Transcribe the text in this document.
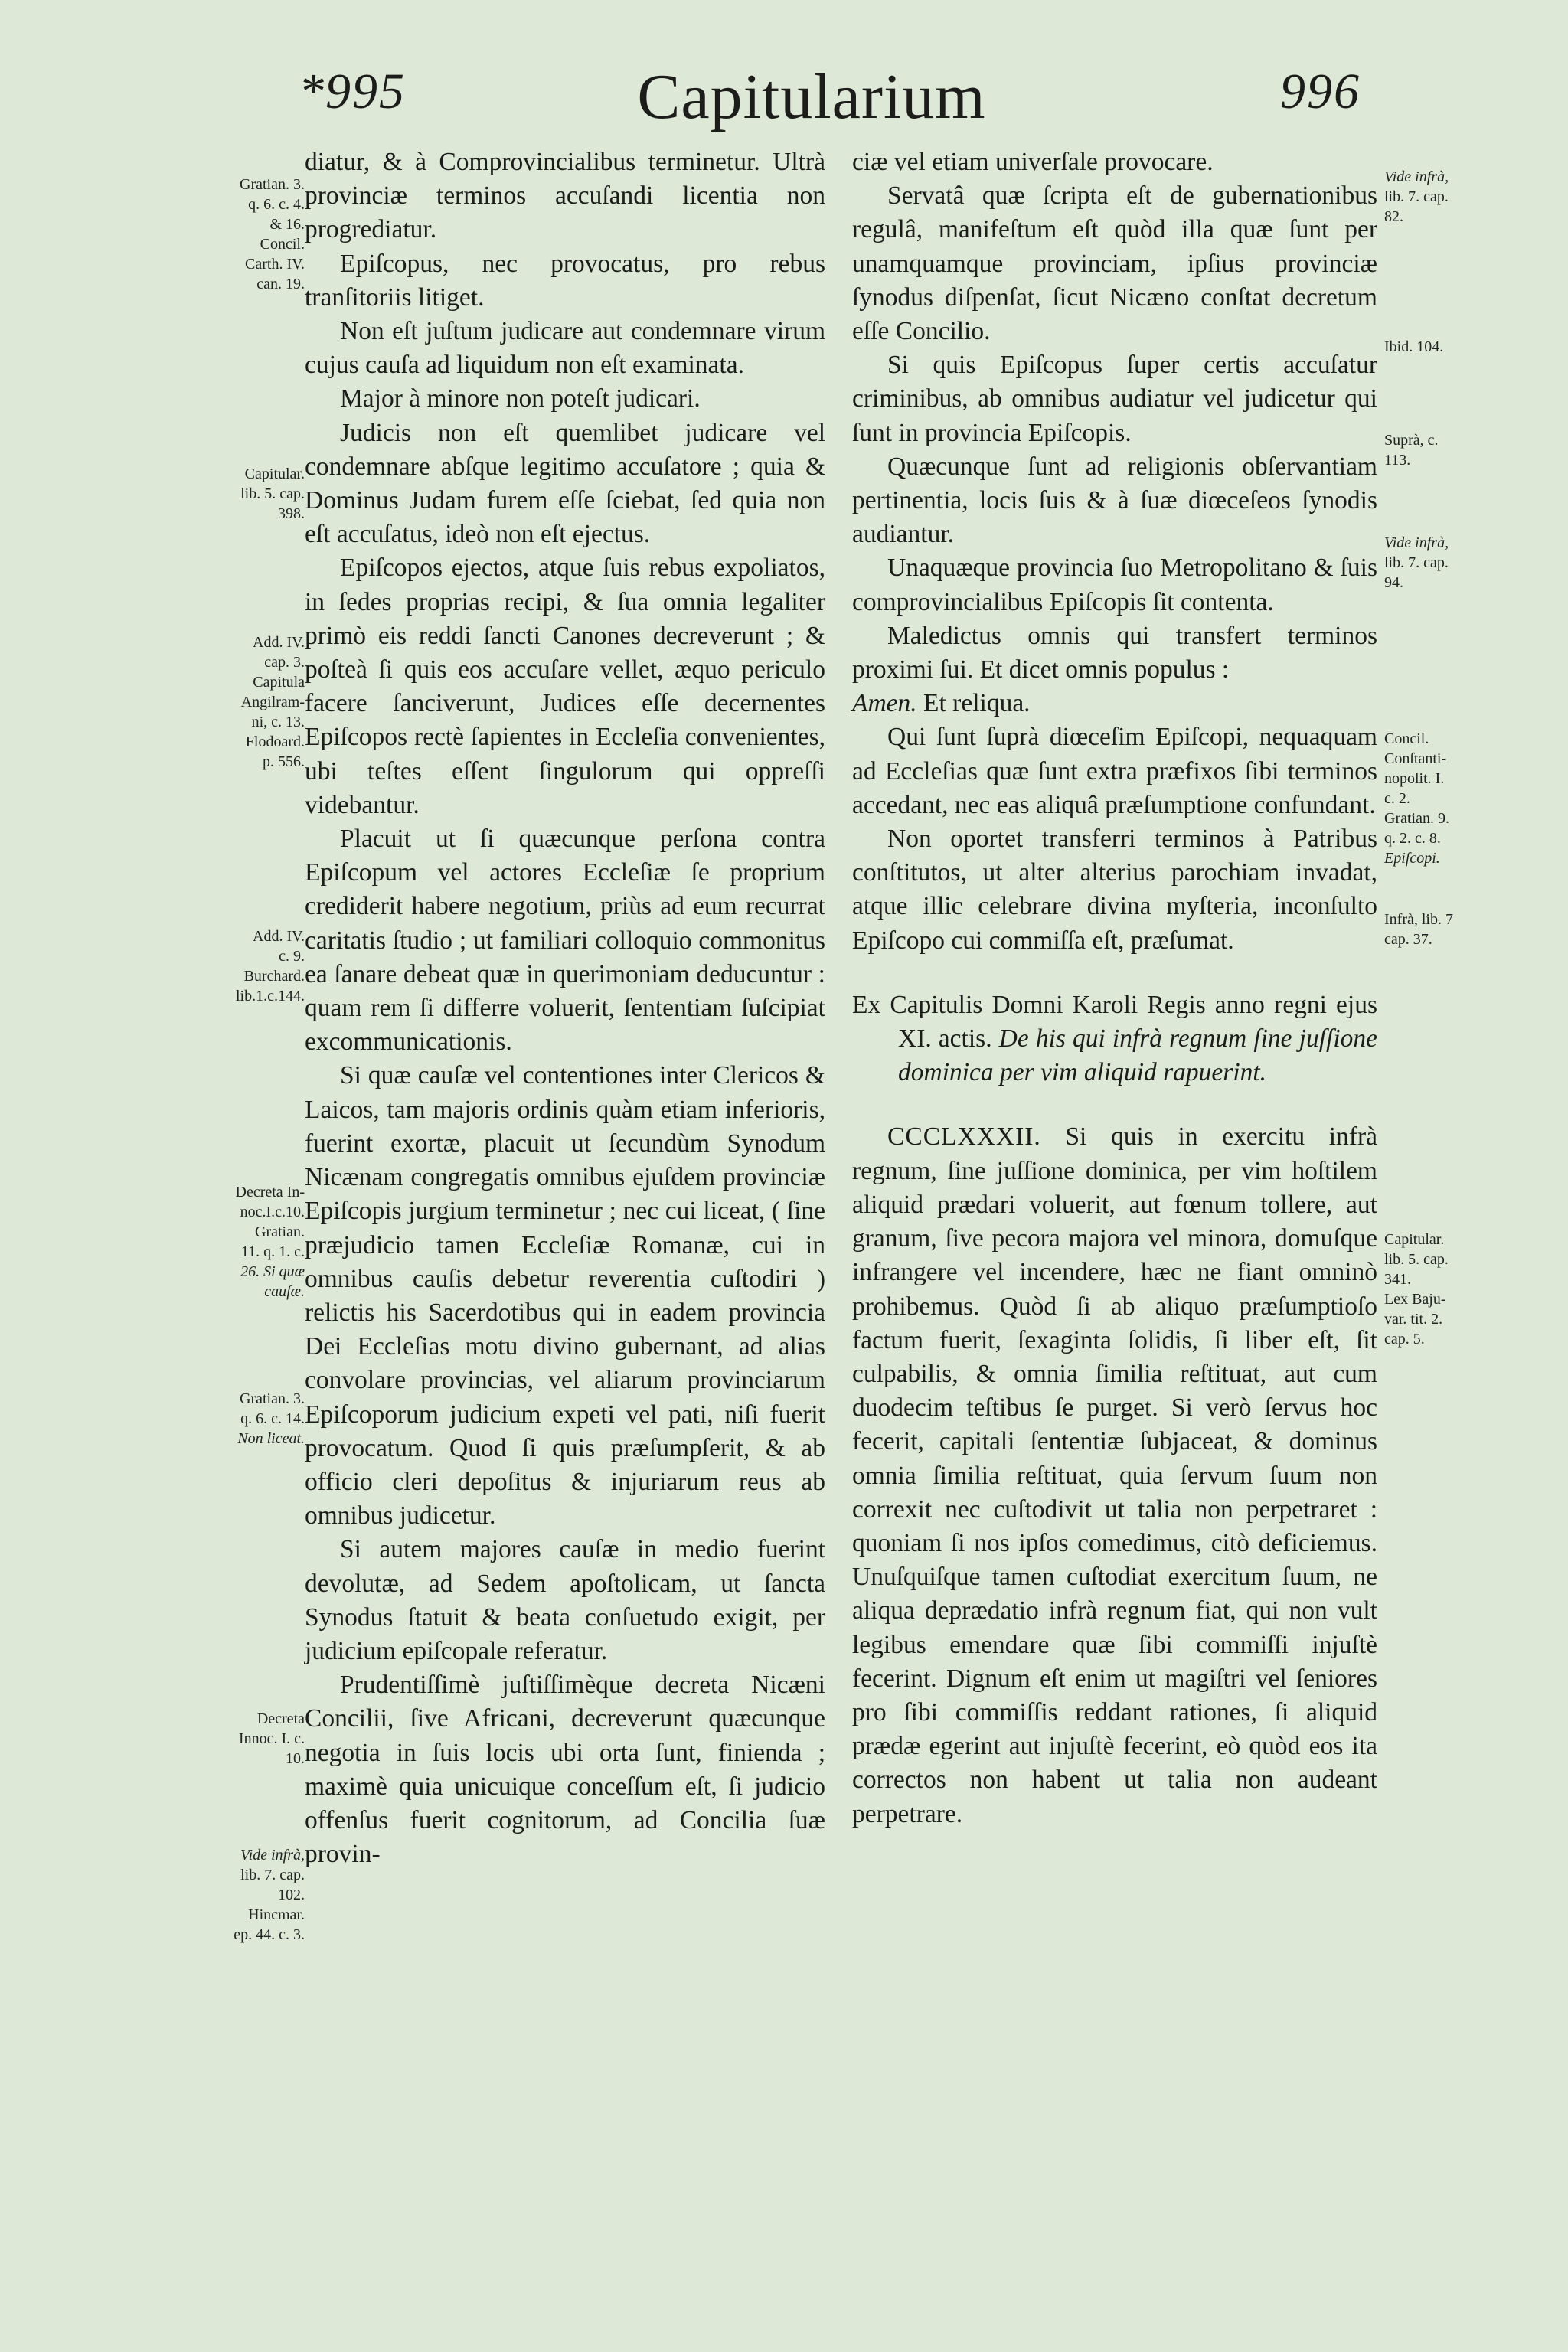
*995	Capitularium	996

diatur, & à Comprovincialibus terminetur. Ultrà provinciæ terminos accuſandi licentia non progrediatur.

Epiſcopus, nec provocatus, pro rebus tranſitoriis litiget.

Non eſt juſtum judicare aut condemnare virum cujus cauſa ad liquidum non eſt examinata.

Major à minore non poteſt judicari.

Judicis non eſt quemlibet judicare vel condemnare abſque legitimo accuſatore ; quia & Dominus Judam furem eſſe ſciebat, ſed quia non eſt accuſatus, ideò non eſt ejectus.

Epiſcopos ejectos, atque ſuis rebus expoliatos, in ſedes proprias recipi, & ſua omnia legaliter primò eis reddi ſancti Canones decreverunt ; & poſteà ſi quis eos accuſare vellet, æquo periculo facere ſanciverunt, Judices eſſe decernentes Epiſcopos rectè ſapientes in Eccleſia convenientes, ubi teſtes eſſent ſingulorum qui oppreſſi videbantur.

Placuit ut ſi quæcunque perſona contra Epiſcopum vel actores Eccleſiæ ſe proprium crediderit habere negotium, priùs ad eum recurrat caritatis ſtudio ; ut familiari colloquio commonitus ea ſanare debeat quæ in querimoniam deducuntur : quam rem ſi differre voluerit, ſententiam ſuſcipiat excommunicationis.

Si quæ cauſæ vel contentiones inter Clericos & Laicos, tam majoris ordinis quàm etiam inferioris, fuerint exortæ, placuit ut ſecundùm Synodum Nicænam congregatis omnibus ejuſdem provinciæ Epiſcopis jurgium terminetur ; nec cui liceat, ( ſine præjudicio tamen Eccleſiæ Romanæ, cui in omnibus cauſis debetur reverentia cuſtodiri ) relictis his Sacerdotibus qui in eadem provincia Dei Eccleſias motu divino gubernant, ad alias convolare provincias, vel aliarum provinciarum Epiſcoporum judicium expeti vel pati, niſi fuerit provocatum. Quod ſi quis præſumpſerit, & ab officio cleri depoſitus & injuriarum reus ab omnibus judicetur.

Si autem majores cauſæ in medio fuerint devolutæ, ad Sedem apoſtolicam, ut ſancta Synodus ſtatuit & beata conſuetudo exigit, per judicium epiſcopale referatur.

Prudentiſſimè juſtiſſimèque decreta Nicæni Concilii, ſive Africani, decreverunt quæcunque negotia in ſuis locis ubi orta ſunt, finienda ; maximè quia unicuique conceſſum eſt, ſi judicio offenſus fuerit cognitorum, ad Concilia ſuæ provin-

ciæ vel etiam univerſale provocare.

Servatâ quæ ſcripta eſt de gubernationibus regulâ, manifeſtum eſt quòd illa quæ ſunt per unamquamque provinciam, ipſius provinciæ ſynodus diſpenſat, ſicut Nicæno conſtat decretum eſſe Concilio.

Si quis Epiſcopus ſuper certis accuſatur criminibus, ab omnibus audiatur vel judicetur qui ſunt in provincia Epiſcopis.

Quæcunque ſunt ad religionis obſervantiam pertinentia, locis ſuis & à ſuæ diœceſeos ſynodis audiantur.

Unaquæque provincia ſuo Metropolitano & ſuis comprovincialibus Epiſcopis ſit contenta.

Maledictus omnis qui transfert terminos proximi ſui. Et dicet omnis populus :
Amen. Et reliqua.

Qui ſunt ſuprà diœceſim Epiſcopi, nequaquam ad Eccleſias quæ ſunt extra præfixos ſibi terminos accedant, nec eas aliquâ præſumptione confundant.

Non oportet transferri terminos à Patribus conſtitutos, ut alter alterius parochiam invadat, atque illic celebrare divina myſteria, inconſulto Epiſcopo cui commiſſa eſt, præſumat.

Ex Capitulis Domni Karoli Regis anno regni ejus XI. actis. De his qui infrà regnum ſine juſſione dominica per vim aliquid rapuerint.

CCCLXXXII. Si quis in exercitu infrà regnum, ſine juſſione dominica, per vim hoſtilem aliquid prædari voluerit, aut fœnum tollere, aut granum, ſive pecora majora vel minora, domuſque infrangere vel incendere, hæc ne fiant omninò prohibemus. Quòd ſi ab aliquo præſumptioſo factum fuerit, ſexaginta ſolidis, ſi liber eſt, ſit culpabilis, & omnia ſimilia reſtituat, aut cum duodecim teſtibus ſe purget. Si verò ſervus hoc fecerit, capitali ſententiæ ſubjaceat, & dominus omnia ſimilia reſtituat, quia ſervum ſuum non correxit nec cuſtodivit ut talia non perpetraret : quoniam ſi nos ipſos comedimus, citò deficiemus. Unuſquiſque tamen cuſtodiat exercitum ſuum, ne aliqua deprædatio infrà regnum fiat, qui non vult legibus emendare quæ ſibi commiſſi injuſtè fecerint. Dignum eſt enim ut magiſtri vel ſeniores pro ſibi commiſſis reddant rationes, ſi aliquid prædæ egerint aut injuſtè fecerint, eò quòd eos ita correctos non habent ut talia non audeant perpetrare.

Gratian. 3.
q. 6. c. 4.
& 16.
Concil.
Carth. IV.
can. 19.
Capitular.
lib. 5. cap.
398.
Add. IV.
cap. 3.
Capitula
Angilram-
ni, c. 13.
Flodoard.
p. 556.
Add. IV.
c. 9.
Burchard.
lib.1.c.144.
Decreta In-
noc.I.c.10.
Gratian.
11. q. 1. c.
26. Si quæ
cauſæ.
Gratian. 3.
q. 6. c. 14.
Non liceat.
Decreta
Innoc. I. c.
10.
Vide infrà,
lib. 7. cap.
102.
Hincmar.
ep. 44. c. 3.
Vide infrà,
lib. 7. cap.
82.
Ibid. 104.
Suprà, c.
113.
Vide infrà,
lib. 7. cap.
94.
Concil.
Conſtanti-
nopolit. I.
c. 2.
Gratian. 9.
q. 2. c. 8.
Epiſcopi.
Infrà, lib. 7
cap. 37.
Capitular.
lib. 5. cap.
341.
Lex Baju-
var. tit. 2.
cap. 5.
